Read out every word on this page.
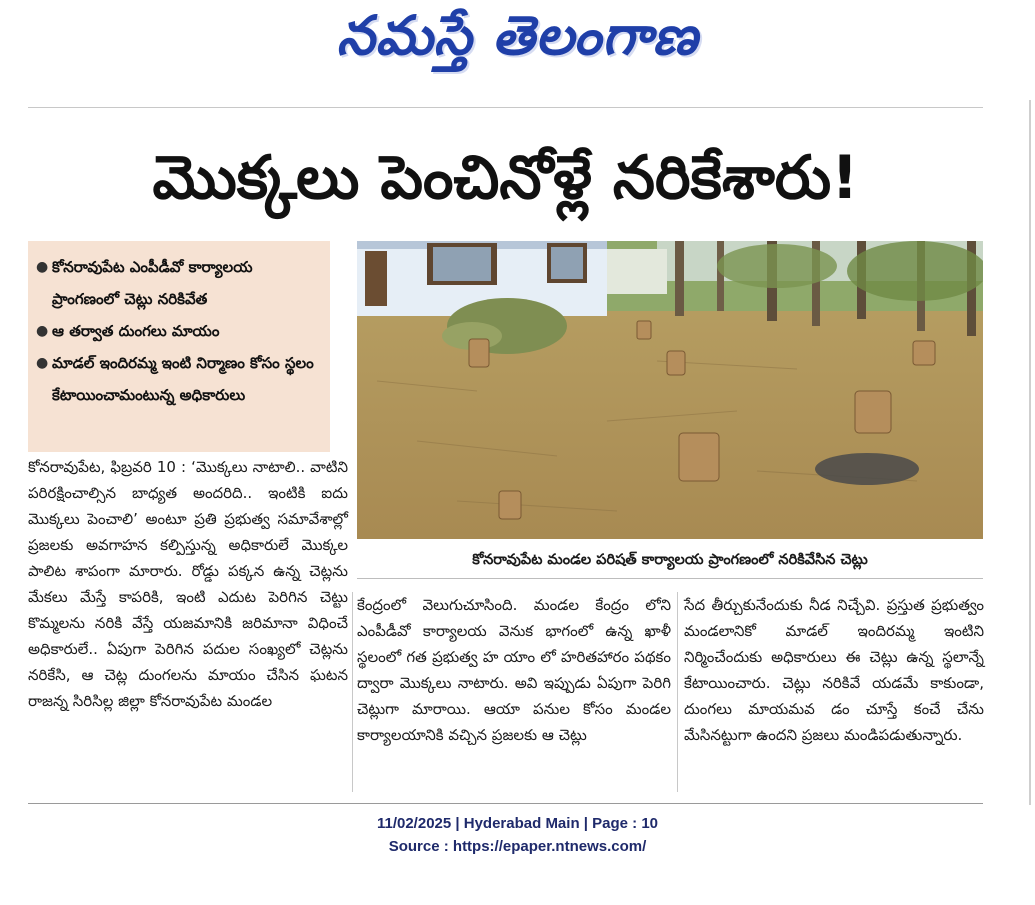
నమస్తే తెలంగాణ
మొక్కలు పెంచినోళ్లే నరికేశారు!
● కోనరావుపేట ఎంపీడీవో కార్యాలయ ప్రాంగణంలో చెట్లు నరికివేత
● ఆ తర్వాత దుంగలు మాయం
● మాడల్ ఇందిరమ్మ ఇంటి నిర్మాణం కోసం స్థలం కేటాయించామంటున్న అధికారులు
కోనరావుపేట మండల పరిషత్ కార్యాలయ ప్రాంగణంలో నరికివేసిన చెట్లు
కోనరావుపేట, ఫిబ్రవరి 10 : ‘మొక్కలు నాటాలి.. వాటిని పరిరక్షించాల్సిన బాధ్యత అందరిది.. ఇంటికి ఐదు మొక్కలు పెంచాలి’ అంటూ ప్రతి ప్రభుత్వ సమావేశాల్లో ప్రజలకు అవగాహన కల్పిస్తున్న అధికారులే మొక్కల పాలిట శాపంగా మారారు. రోడ్డు పక్కన ఉన్న చెట్లను మేకలు మేస్తే కాపరికి, ఇంటి ఎదుట పెరిగిన చెట్టు కొమ్మలను నరికి వేస్తే యజమానికి జరిమానా విధించే అధికారులే.. ఏపుగా పెరిగిన పదుల సంఖ్యలో చెట్లను నరికేసి, ఆ చెట్ల దుంగలను మాయం చేసిన ఘటన రాజన్న సిరిసిల్ల జిల్లా కోనరావుపేట మండల
కేంద్రంలో వెలుగుచూసింది. మండల కేంద్రం లోని ఎంపీడీవో కార్యాలయ వెనుక భాగంలో ఉన్న ఖాళీ స్థలంలో గత ప్రభుత్వ హ యాం లో హరితహారం పథకం ద్వారా మొక్కలు నాటారు. అవి ఇప్పుడు ఏపుగా పెరిగి చెట్లుగా మారాయి. ఆయా పనుల కోసం మండల కార్యాలయానికి వచ్చిన ప్రజలకు ఆ చెట్లు
సేద తీర్చుకునేందుకు నీడ నిచ్చేవి. ప్రస్తుత ప్రభుత్వం మండలానికో మాడల్ ఇందిరమ్మ ఇంటిని నిర్మించేందుకు అధికారులు ఈ చెట్లు ఉన్న స్థలాన్నే కేటాయించారు. చెట్లు నరికివే యడమే కాకుండా, దుంగలు మాయమవ డం చూస్తే కంచే చేను మేసినట్టుగా ఉందని ప్రజలు మండిపడుతున్నారు.
11/02/2025 | Hyderabad Main | Page : 10
Source : https://epaper.ntnews.com/
